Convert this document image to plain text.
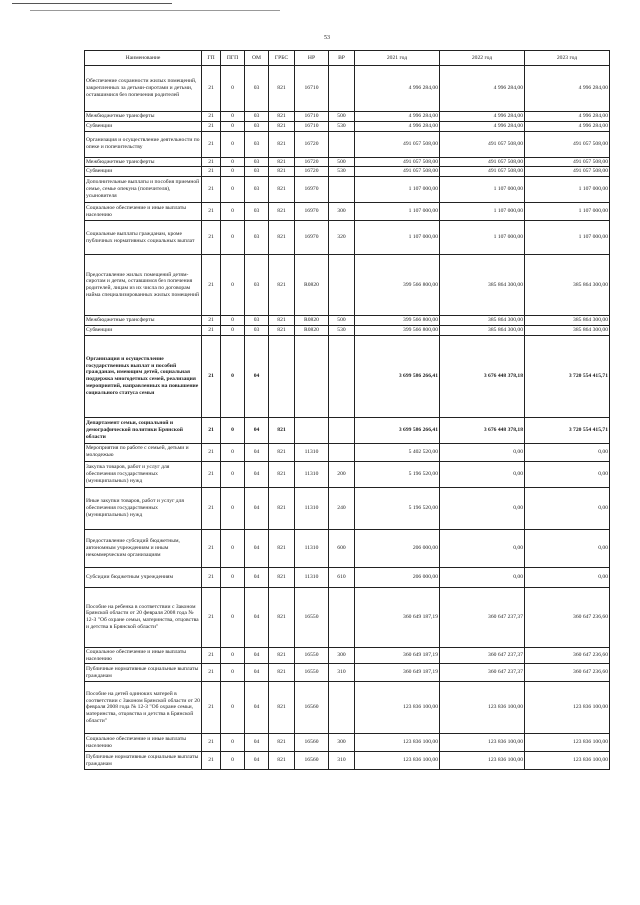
53
Наименование	ГП	ПГП	ОМ	ГРБС	НР	ВР	2021 год	2022 год	2023 год
Обеспечение сохранности жилых помещений, закрепленных за детьми-сиротами и детьми, оставшимися без попечения родителей	21	0	03	821	16710		4 996 284,00	4 996 284,00	4 996 284,00
Межбюджетные трансферты	21	0	03	821	16710	500	4 996 284,00	4 996 284,00	4 996 284,00
Субвенции	21	0	03	821	16710	530	4 996 284,00	4 996 284,00	4 996 284,00
Организация и осуществление деятельности по опеке и попечительству	21	0	03	821	16720		491 057 508,00	491 057 508,00	491 057 508,00
Межбюджетные трансферты	21	0	03	821	16720	500	491 057 508,00	491 057 508,00	491 057 508,00
Субвенции	21	0	03	821	16720	530	491 057 508,00	491 057 508,00	491 057 508,00
Дополнительные выплаты и пособия приемной семье, семье опекуна (попечителя), усыновителя	21	0	03	821	16970		1 107 000,00	1 107 000,00	1 107 000,00
Социальное обеспечение и иные выплаты населению	21	0	03	821	16970	300	1 107 000,00	1 107 000,00	1 107 000,00
Социальные выплаты гражданам, кроме публичных нормативных социальных выплат	21	0	03	821	16970	320	1 107 000,00	1 107 000,00	1 107 000,00
Предоставление жилых помещений детям-сиротам и детям, оставшимся без попечения родителей, лицам из их числа по договорам найма специализированных жилых помещений	21	0	03	821	R0820		399 566 800,00	385 864 300,00	385 864 300,00
Межбюджетные трансферты	21	0	03	821	R0820	500	399 566 800,00	385 864 300,00	385 864 300,00
Субвенции	21	0	03	821	R0820	530	399 566 800,00	385 864 300,00	385 864 300,00
Организация и осуществление государственных выплат и пособий гражданам, имеющим детей, социальная поддержка многодетных семей, реализация мероприятий, направленных на повышение социального статуса семьи	21	0	04				3 699 586 266,41	3 676 448 378,18	3 720 554 415,71
Департамент семьи, социальной и демографической политики Брянской области	21	0	04	821			3 699 586 266,41	3 676 448 378,18	3 720 554 415,71
Мероприятия по работе с семьей, детьми и молодежью	21	0	04	821	11310		5 402 520,00	0,00	0,00
Закупка товаров, работ и услуг для обеспечения государственных (муниципальных) нужд	21	0	04	821	11310	200	5 196 520,00	0,00	0,00
Иные закупки товаров, работ и услуг для обеспечения государственных (муниципальных) нужд	21	0	04	821	11310	240	5 196 520,00	0,00	0,00
Предоставление субсидий бюджетным, автономным учреждениям и иным некоммерческим организациям	21	0	04	821	11310	600	206 000,00	0,00	0,00
Субсидии бюджетным учреждениям	21	0	04	821	11310	610	206 000,00	0,00	0,00
Пособие на ребенка в соответствии с Законом Брянской области от 20 февраля 2008 года № 12-З "Об охране семьи, материнства, отцовства и детства в Брянской области"	21	0	04	821	16550		360 649 187,19	360 647 237,37	360 647 236,60
Социальное обеспечение и иные выплаты населению	21	0	04	821	16550	300	360 649 187,19	360 647 237,37	360 647 236,60
Публичные нормативные социальные выплаты гражданам	21	0	04	821	16550	310	360 649 187,19	360 647 237,37	360 647 236,60
Пособие на детей одиноких матерей в соответствии с Законом Брянской области от 20 февраля 2008 года № 12-З "Об охране семьи, материнства, отцовства и детства в Брянской области"	21	0	04	821	16560		123 836 100,00	123 836 100,00	123 836 100,00
Социальное обеспечение и иные выплаты населению	21	0	04	821	16560	300	123 836 100,00	123 836 100,00	123 836 100,00
Публичные нормативные социальные выплаты гражданам	21	0	04	821	16560	310	123 836 100,00	123 836 100,00	123 836 100,00
